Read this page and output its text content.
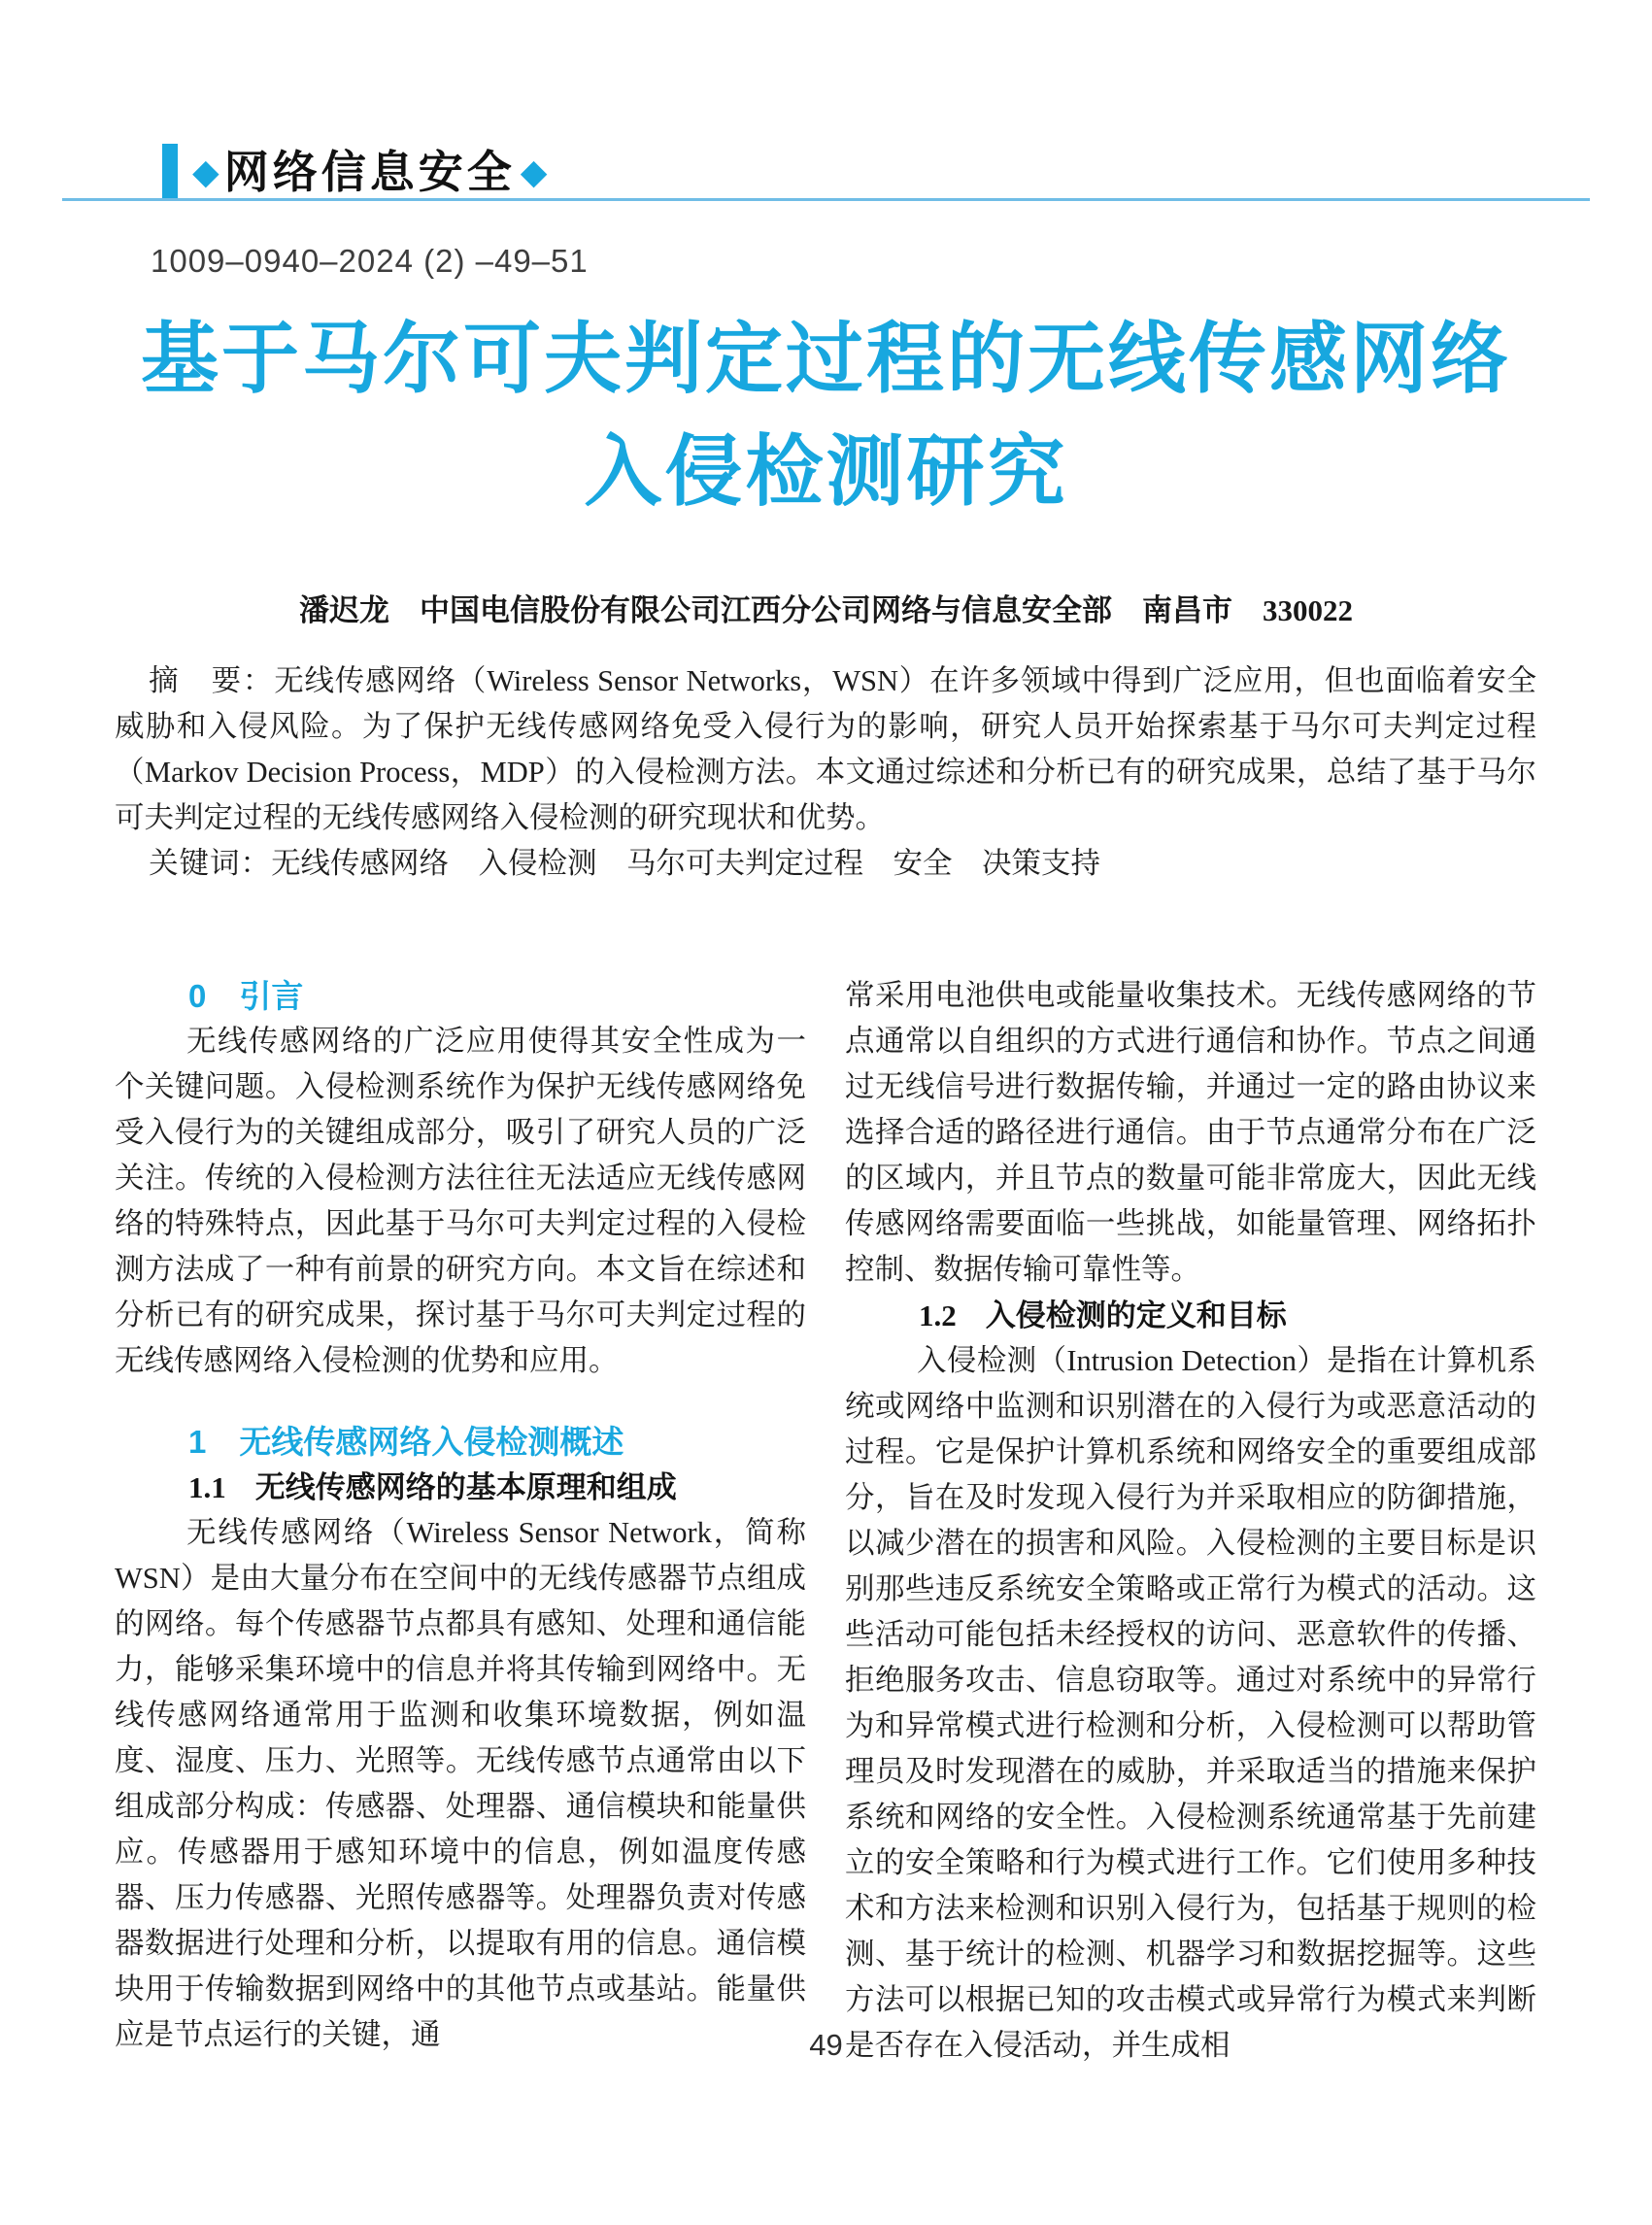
◆ 网络信息安全 ◆
1009–0940–2024 (2) –49–51
基于马尔可夫判定过程的无线传感网络
入侵检测研究
潘迟龙　中国电信股份有限公司江西分公司网络与信息安全部　南昌市　330022

摘　要：无线传感网络（Wireless Sensor Networks，WSN）在许多领域中得到广泛应用，但也面临着安全威胁和入侵风险。为了保护无线传感网络免受入侵行为的影响，研究人员开始探索基于马尔可夫判定过程（Markov Decision Process，MDP）的入侵检测方法。本文通过综述和分析已有的研究成果，总结了基于马尔可夫判定过程的无线传感网络入侵检测的研究现状和优势。

关键词：无线传感网络　入侵检测　马尔可夫判定过程　安全　决策支持

0 引言

无线传感网络的广泛应用使得其安全性成为一个关键问题。入侵检测系统作为保护无线传感网络免受入侵行为的关键组成部分，吸引了研究人员的广泛关注。传统的入侵检测方法往往无法适应无线传感网络的特殊特点，因此基于马尔可夫判定过程的入侵检测方法成了一种有前景的研究方向。本文旨在综述和分析已有的研究成果，探讨基于马尔可夫判定过程的无线传感网络入侵检测的优势和应用。

1 无线传感网络入侵检测概述
1.1 无线传感网络的基本原理和组成

无线传感网络（Wireless Sensor Network，简称WSN）是由大量分布在空间中的无线传感器节点组成的网络。每个传感器节点都具有感知、处理和通信能力，能够采集环境中的信息并将其传输到网络中。无线传感网络通常用于监测和收集环境数据，例如温度、湿度、压力、光照等。无线传感节点通常由以下组成部分构成：传感器、处理器、通信模块和能量供应。传感器用于感知环境中的信息，例如温度传感器、压力传感器、光照传感器等。处理器负责对传感器数据进行处理和分析，以提取有用的信息。通信模块用于传输数据到网络中的其他节点或基站。能量供应是节点运行的关键，通

常采用电池供电或能量收集技术。无线传感网络的节点通常以自组织的方式进行通信和协作。节点之间通过无线信号进行数据传输，并通过一定的路由协议来选择合适的路径进行通信。由于节点通常分布在广泛的区域内，并且节点的数量可能非常庞大，因此无线传感网络需要面临一些挑战，如能量管理、网络拓扑控制、数据传输可靠性等。

1.2 入侵检测的定义和目标

入侵检测（Intrusion Detection）是指在计算机系统或网络中监测和识别潜在的入侵行为或恶意活动的过程。它是保护计算机系统和网络安全的重要组成部分，旨在及时发现入侵行为并采取相应的防御措施，以减少潜在的损害和风险。入侵检测的主要目标是识别那些违反系统安全策略或正常行为模式的活动。这些活动可能包括未经授权的访问、恶意软件的传播、拒绝服务攻击、信息窃取等。通过对系统中的异常行为和异常模式进行检测和分析，入侵检测可以帮助管理员及时发现潜在的威胁，并采取适当的措施来保护系统和网络的安全性。入侵检测系统通常基于先前建立的安全策略和行为模式进行工作。它们使用多种技术和方法来检测和识别入侵行为，包括基于规则的检测、基于统计的检测、机器学习和数据挖掘等。这些方法可以根据已知的攻击模式或异常行为模式来判断是否存在入侵活动，并生成相

49
